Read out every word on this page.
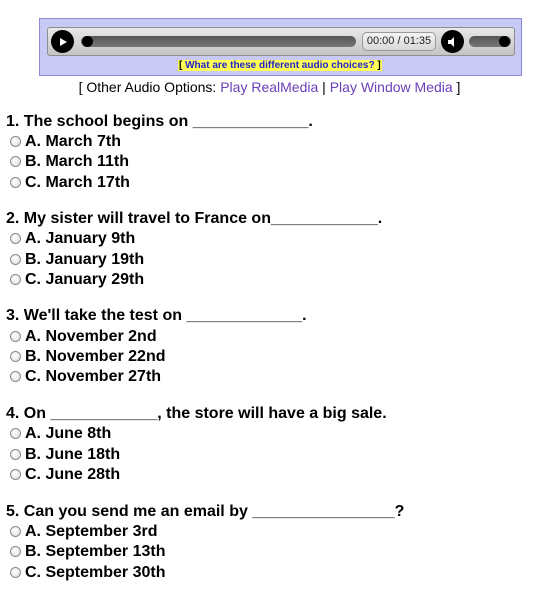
00:00 / 01:35
[ What are these different audio choices? ]
[ Other Audio Options: Play RealMedia | Play Window Media ]
1. The school begins on _____________.
A. March 7th
B. March 11th
C. March 17th
2. My sister will travel to France on____________.
A. January 9th
B. January 19th
C. January 29th
3. We'll take the test on _____________.
A. November 2nd
B. November 22nd
C. November 27th
4. On ____________, the store will have a big sale.
A. June 8th
B. June 18th
C. June 28th
5. Can you send me an email by ________________?
A. September 3rd
B. September 13th
C. September 30th
